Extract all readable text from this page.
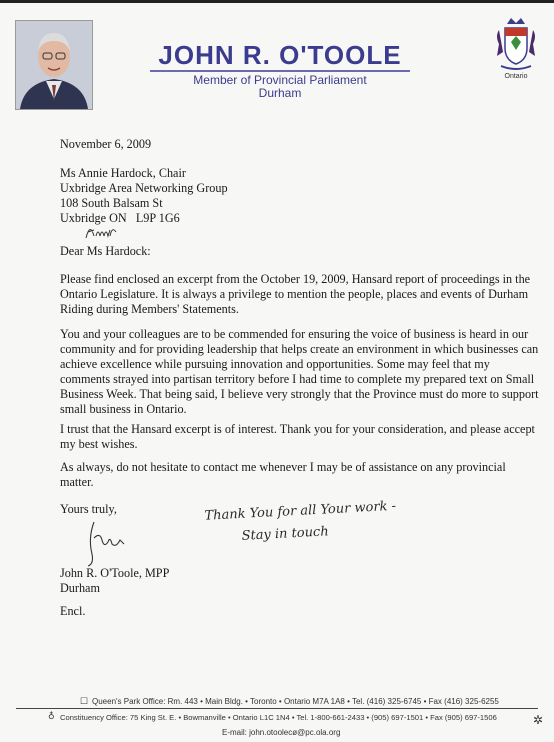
JOHN R. O'TOOLE
Member of Provincial Parliament
Durham
Ontario
November 6, 2009
Ms Annie Hardock, Chair
Uxbridge Area Networking Group
108 South Balsam St
Uxbridge ON   L9P 1G6
Dear Ms Hardock:

Please find enclosed an excerpt from the October 19, 2009, Hansard report of proceedings in the Ontario Legislature. It is always a privilege to mention the people, places and events of Durham Riding during Members' Statements.

You and your colleagues are to be commended for ensuring the voice of business is heard in our community and for providing leadership that helps create an environment in which businesses can achieve excellence while pursuing innovation and opportunities. Some may feel that my comments strayed into partisan territory before I had time to complete my prepared text on Small Business Week. That being said, I believe very strongly that the Province must do more to support small business in Ontario.

I trust that the Hansard excerpt is of interest. Thank you for your consideration, and please accept my best wishes.

As always, do not hesitate to contact me whenever I may be of assistance on any provincial matter.

Yours truly,	Thank You for all Your work -
Stay in touch
John R. O'Toole, MPP
Durham
Encl.
☐ Queen's Park Office: Rm. 443 • Main Bldg. • Toronto • Ontario M7A 1A8 • Tel. (416) 325-6745 • Fax (416) 325-6255
♁ Constituency Office: 75 King St. E. • Bowmanville • Ontario L1C 1N4 • Tel. 1-800-661-2433 • (905) 697-1501 • Fax (905) 697-1506	✲
E-mail: john.otoolecø@pc.ola.org
